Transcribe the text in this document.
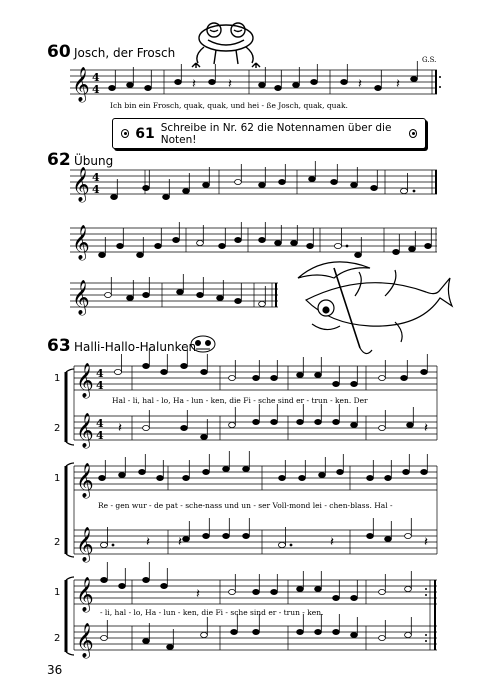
60 Josch, der Frosch	G.S.
𝄞 4
4	𝄽 𝄽	𝄽	𝄽
𝄞 4
4
𝄞
𝄞
𝄞
𝄞
4
4
4
4 𝄽	𝄽
𝄞
𝄞	𝄽 𝄽	𝄽	𝄽
𝄞
𝄞
𝄽
Ich bin ein Frosch, quak, quak, und hei - ße Josch, quak, quak.
61 Schreibe in Nr. 62 die Notennamen über die Noten!
62 Übung
63 Halli-Hallo-Halunken
1
2
1
2
1
2
Hal - li, hal - lo, Ha - lun - ken, die Fi - sche sind er - trun - ken. Der
Re - gen wur - de pat - sche-nass und un - ser Voll-mond lei - chen-blass. Hal -
- li, hal - lo, Ha - lun - ken, die Fi - sche sind er - trun - ken.
36
